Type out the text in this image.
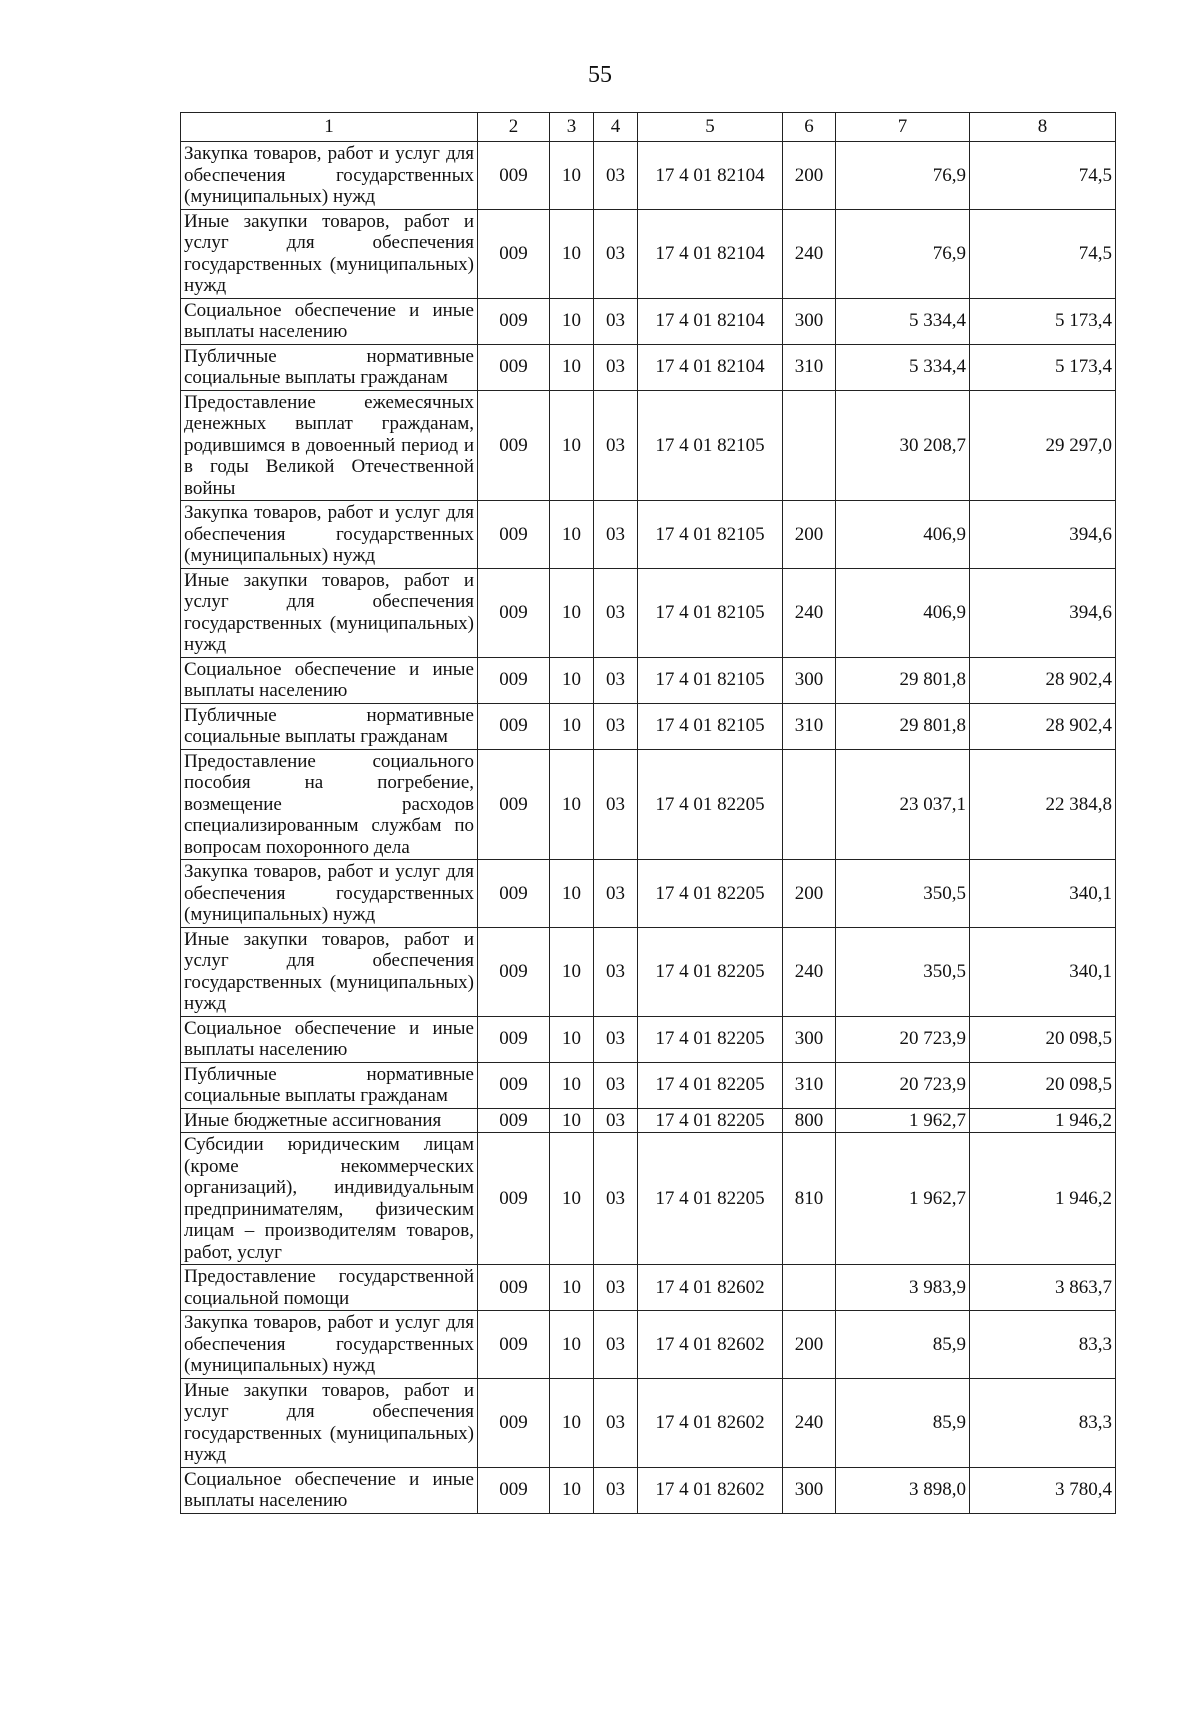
55
1	2	3	4	5	6	7	8
Закупка товаров, работ и услуг для обеспечения государственных (муниципальных) нужд	009	10	03	17 4 01 82104	200	76,9	74,5
Иные закупки товаров, работ и услуг для обеспечения государственных (муниципальных) нужд	009	10	03	17 4 01 82104	240	76,9	74,5
Социальное обеспечение и иные выплаты населению	009	10	03	17 4 01 82104	300	5 334,4	5 173,4
Публичные нормативные социальные выплаты гражданам	009	10	03	17 4 01 82104	310	5 334,4	5 173,4
Предоставление ежемесячных денежных выплат гражданам, родившимся в довоенный период и в годы Великой Отечественной войны	009	10	03	17 4 01 82105		30 208,7	29 297,0
Закупка товаров, работ и услуг для обеспечения государственных (муниципальных) нужд	009	10	03	17 4 01 82105	200	406,9	394,6
Иные закупки товаров, работ и услуг для обеспечения государственных (муниципальных) нужд	009	10	03	17 4 01 82105	240	406,9	394,6
Социальное обеспечение и иные выплаты населению	009	10	03	17 4 01 82105	300	29 801,8	28 902,4
Публичные нормативные социальные выплаты гражданам	009	10	03	17 4 01 82105	310	29 801,8	28 902,4
Предоставление социального пособия на погребение, возмещение расходов специализированным службам по вопросам похоронного дела	009	10	03	17 4 01 82205		23 037,1	22 384,8
Закупка товаров, работ и услуг для обеспечения государственных (муниципальных) нужд	009	10	03	17 4 01 82205	200	350,5	340,1
Иные закупки товаров, работ и услуг для обеспечения государственных (муниципальных) нужд	009	10	03	17 4 01 82205	240	350,5	340,1
Социальное обеспечение и иные выплаты населению	009	10	03	17 4 01 82205	300	20 723,9	20 098,5
Публичные нормативные социальные выплаты гражданам	009	10	03	17 4 01 82205	310	20 723,9	20 098,5
Иные бюджетные ассигнования	009	10	03	17 4 01 82205	800	1 962,7	1 946,2
Субсидии юридическим лицам (кроме некоммерческих организаций), индивидуальным предпринимателям, физическим лицам – производителям товаров, работ, услуг	009	10	03	17 4 01 82205	810	1 962,7	1 946,2
Предоставление государственной социальной помощи	009	10	03	17 4 01 82602		3 983,9	3 863,7
Закупка товаров, работ и услуг для обеспечения государственных (муниципальных) нужд	009	10	03	17 4 01 82602	200	85,9	83,3
Иные закупки товаров, работ и услуг для обеспечения государственных (муниципальных) нужд	009	10	03	17 4 01 82602	240	85,9	83,3
Социальное обеспечение и иные выплаты населению	009	10	03	17 4 01 82602	300	3 898,0	3 780,4
